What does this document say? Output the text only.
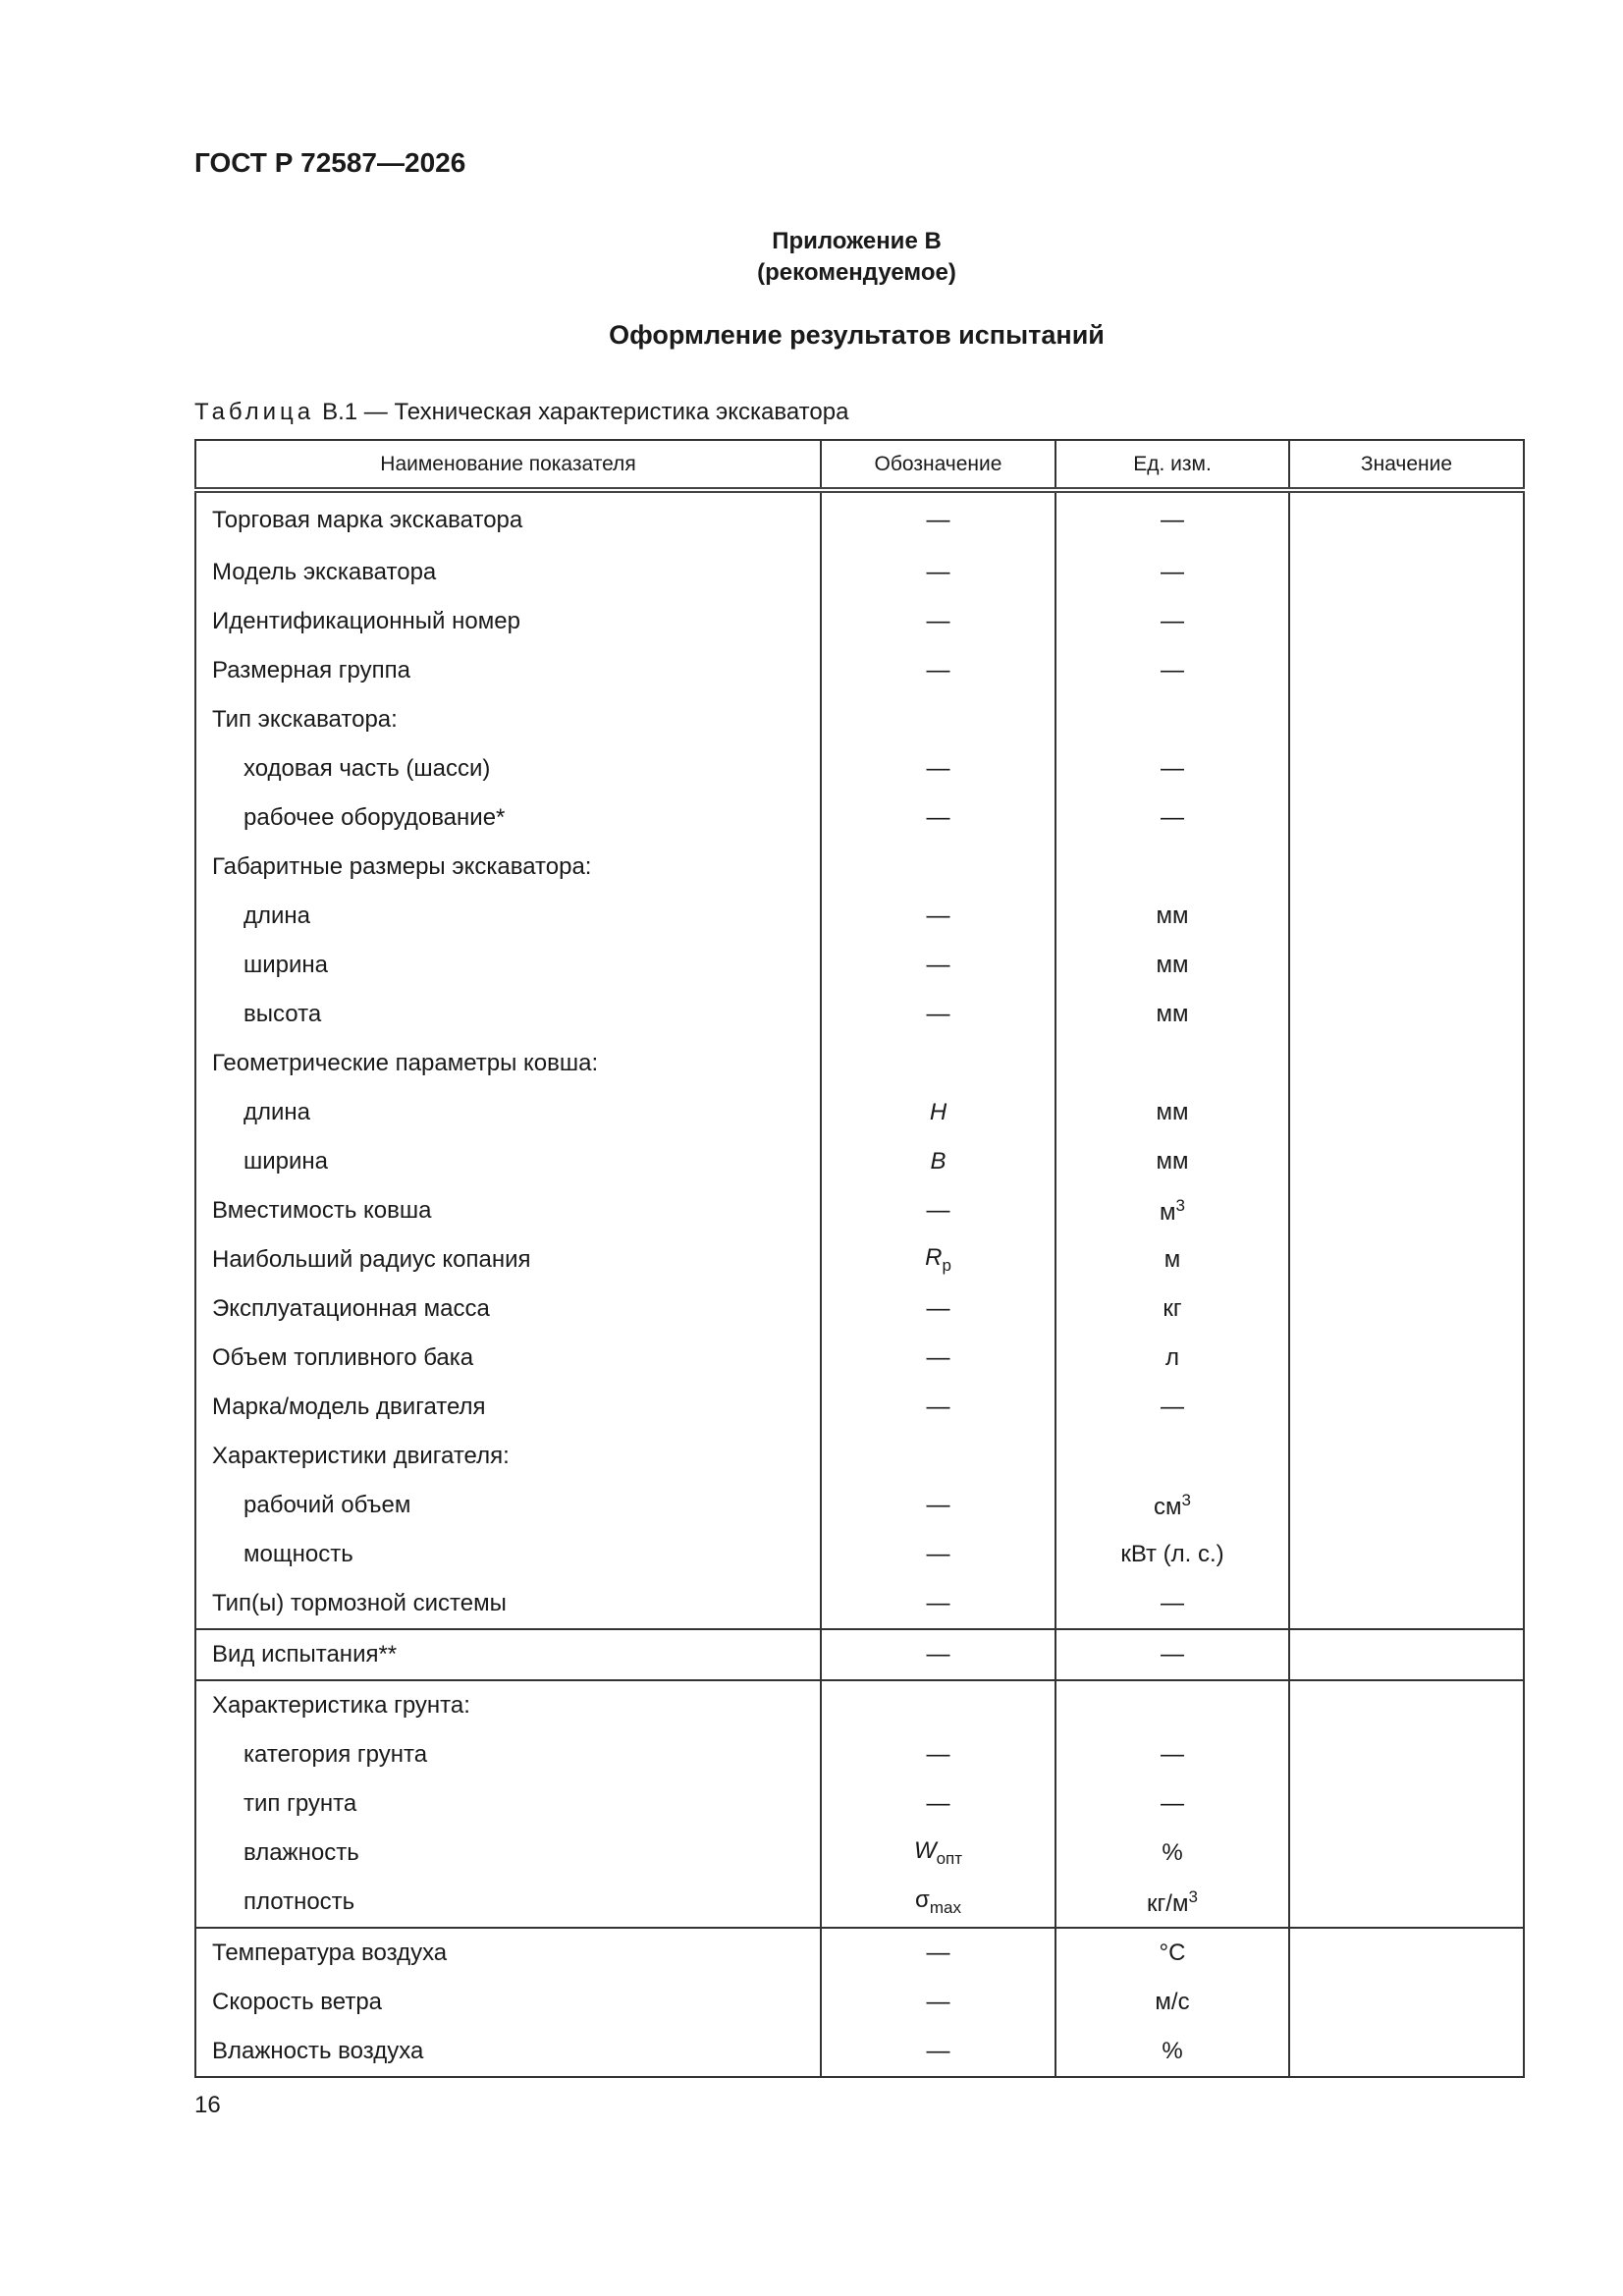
ГОСТ Р 72587—2026
Приложение В
(рекомендуемое)
Оформление результатов испытаний
Таблица В.1 — Техническая характеристика экскаватора
Наименование показателя	Обозначение	Ед. изм.	Значение
Торговая марка экскаватора	—	—	
Модель экскаватора	—	—	
Идентификационный номер	—	—	
Размерная группа	—	—	
Тип экскаватора:			
ходовая часть (шасси)	—	—	
рабочее оборудование*	—	—	
Габаритные размеры экскаватора:			
длина	—	мм	
ширина	—	мм	
высота	—	мм	
Геометрические параметры ковша:			
длина	H	мм	
ширина	B	мм	
Вместимость ковша	—	$м^3$	
Наибольший радиус копания	$R_р$	м	
Эксплуатационная масса	—	кг	
Объем топливного бака	—	л	
Марка/модель двигателя	—	—	
Характеристики двигателя:			
рабочий объем	—	$см^3$	
мощность	—	кВт (л. с.)	
Тип(ы) тормозной системы	—	—	
Вид испытания**	—	—	
Характеристика грунта:			
категория грунта	—	—	
тип грунта	—	—	
влажность	$W_{опт}$	%	
плотность	$\sigma_{max}$	$кг/м^3$	
Температура воздуха	—	°C	
Скорость ветра	—	м/с	
Влажность воздуха	—	%	
16
